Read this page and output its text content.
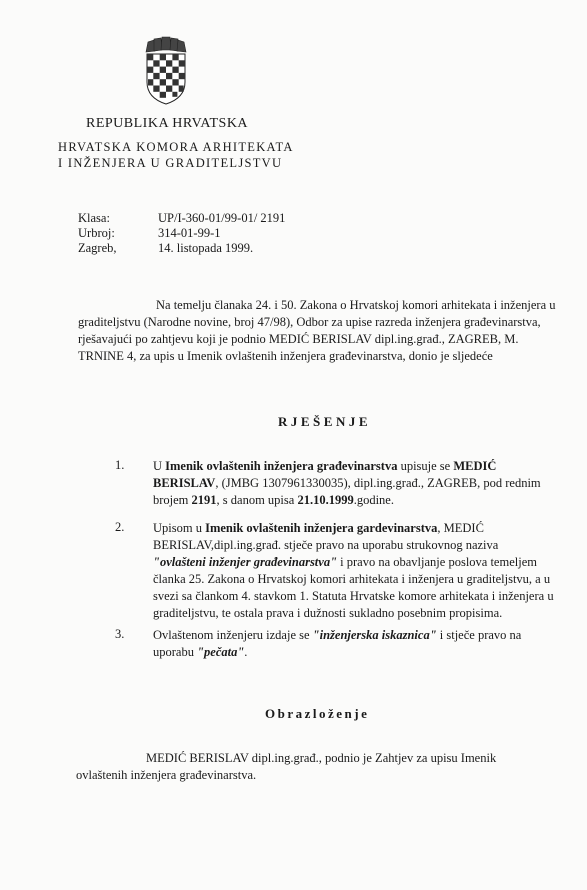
REPUBLIKA HRVATSKA
HRVATSKA KOMORA ARHITEKATA
I INŽENJERA U GRADITELJSTVU
Klasa:	UP/I-360-01/99-01/ 2191
Urbroj:	314-01-99-1
Zagreb,	14. listopada 1999.
Na temelju članaka 24. i 50. Zakona o Hrvatskoj komori arhitekata i inženjera u
graditeljstvu (Narodne novine, broj 47/98), Odbor za upise razreda inženjera građevinarstva,
rješavajući po zahtjevu koji je podnio MEDIĆ BERISLAV dipl.ing.građ., ZAGREB, M.
TRNINE 4, za upis u Imenik ovlaštenih inženjera građevinarstva, donio je sljedeće
RJEŠENJE
1. U Imenik ovlaštenih inženjera građevinarstva upisuje se MEDIĆ
BERISLAV, (JMBG 1307961330035), dipl.ing.građ., ZAGREB, pod rednim
brojem 2191, s danom upisa 21.10.1999.godine.
2. Upisom u Imenik ovlaštenih inženjera gardevinarstva, MEDIĆ
BERISLAV,dipl.ing.građ. stječe pravo na uporabu strukovnog naziva
"ovlašteni inženjer građevinarstva" i pravo na obavljanje poslova temeljem
članka 25. Zakona o Hrvatskoj komori arhitekata i inženjera u graditeljstvu, a u
svezi sa člankom 4. stavkom 1. Statuta Hrvatske komore arhitekata i inženjera u
graditeljstvu, te ostala prava i dužnosti sukladno posebnim propisima.
3. Ovlaštenom inženjeru izdaje se "inženjerska iskaznica" i stječe pravo na
uporabu "pečata".
Obrazloženje
MEDIĆ BERISLAV dipl.ing.građ., podnio je Zahtjev za upisu Imenik
ovlaštenih inženjera građevinarstva.
